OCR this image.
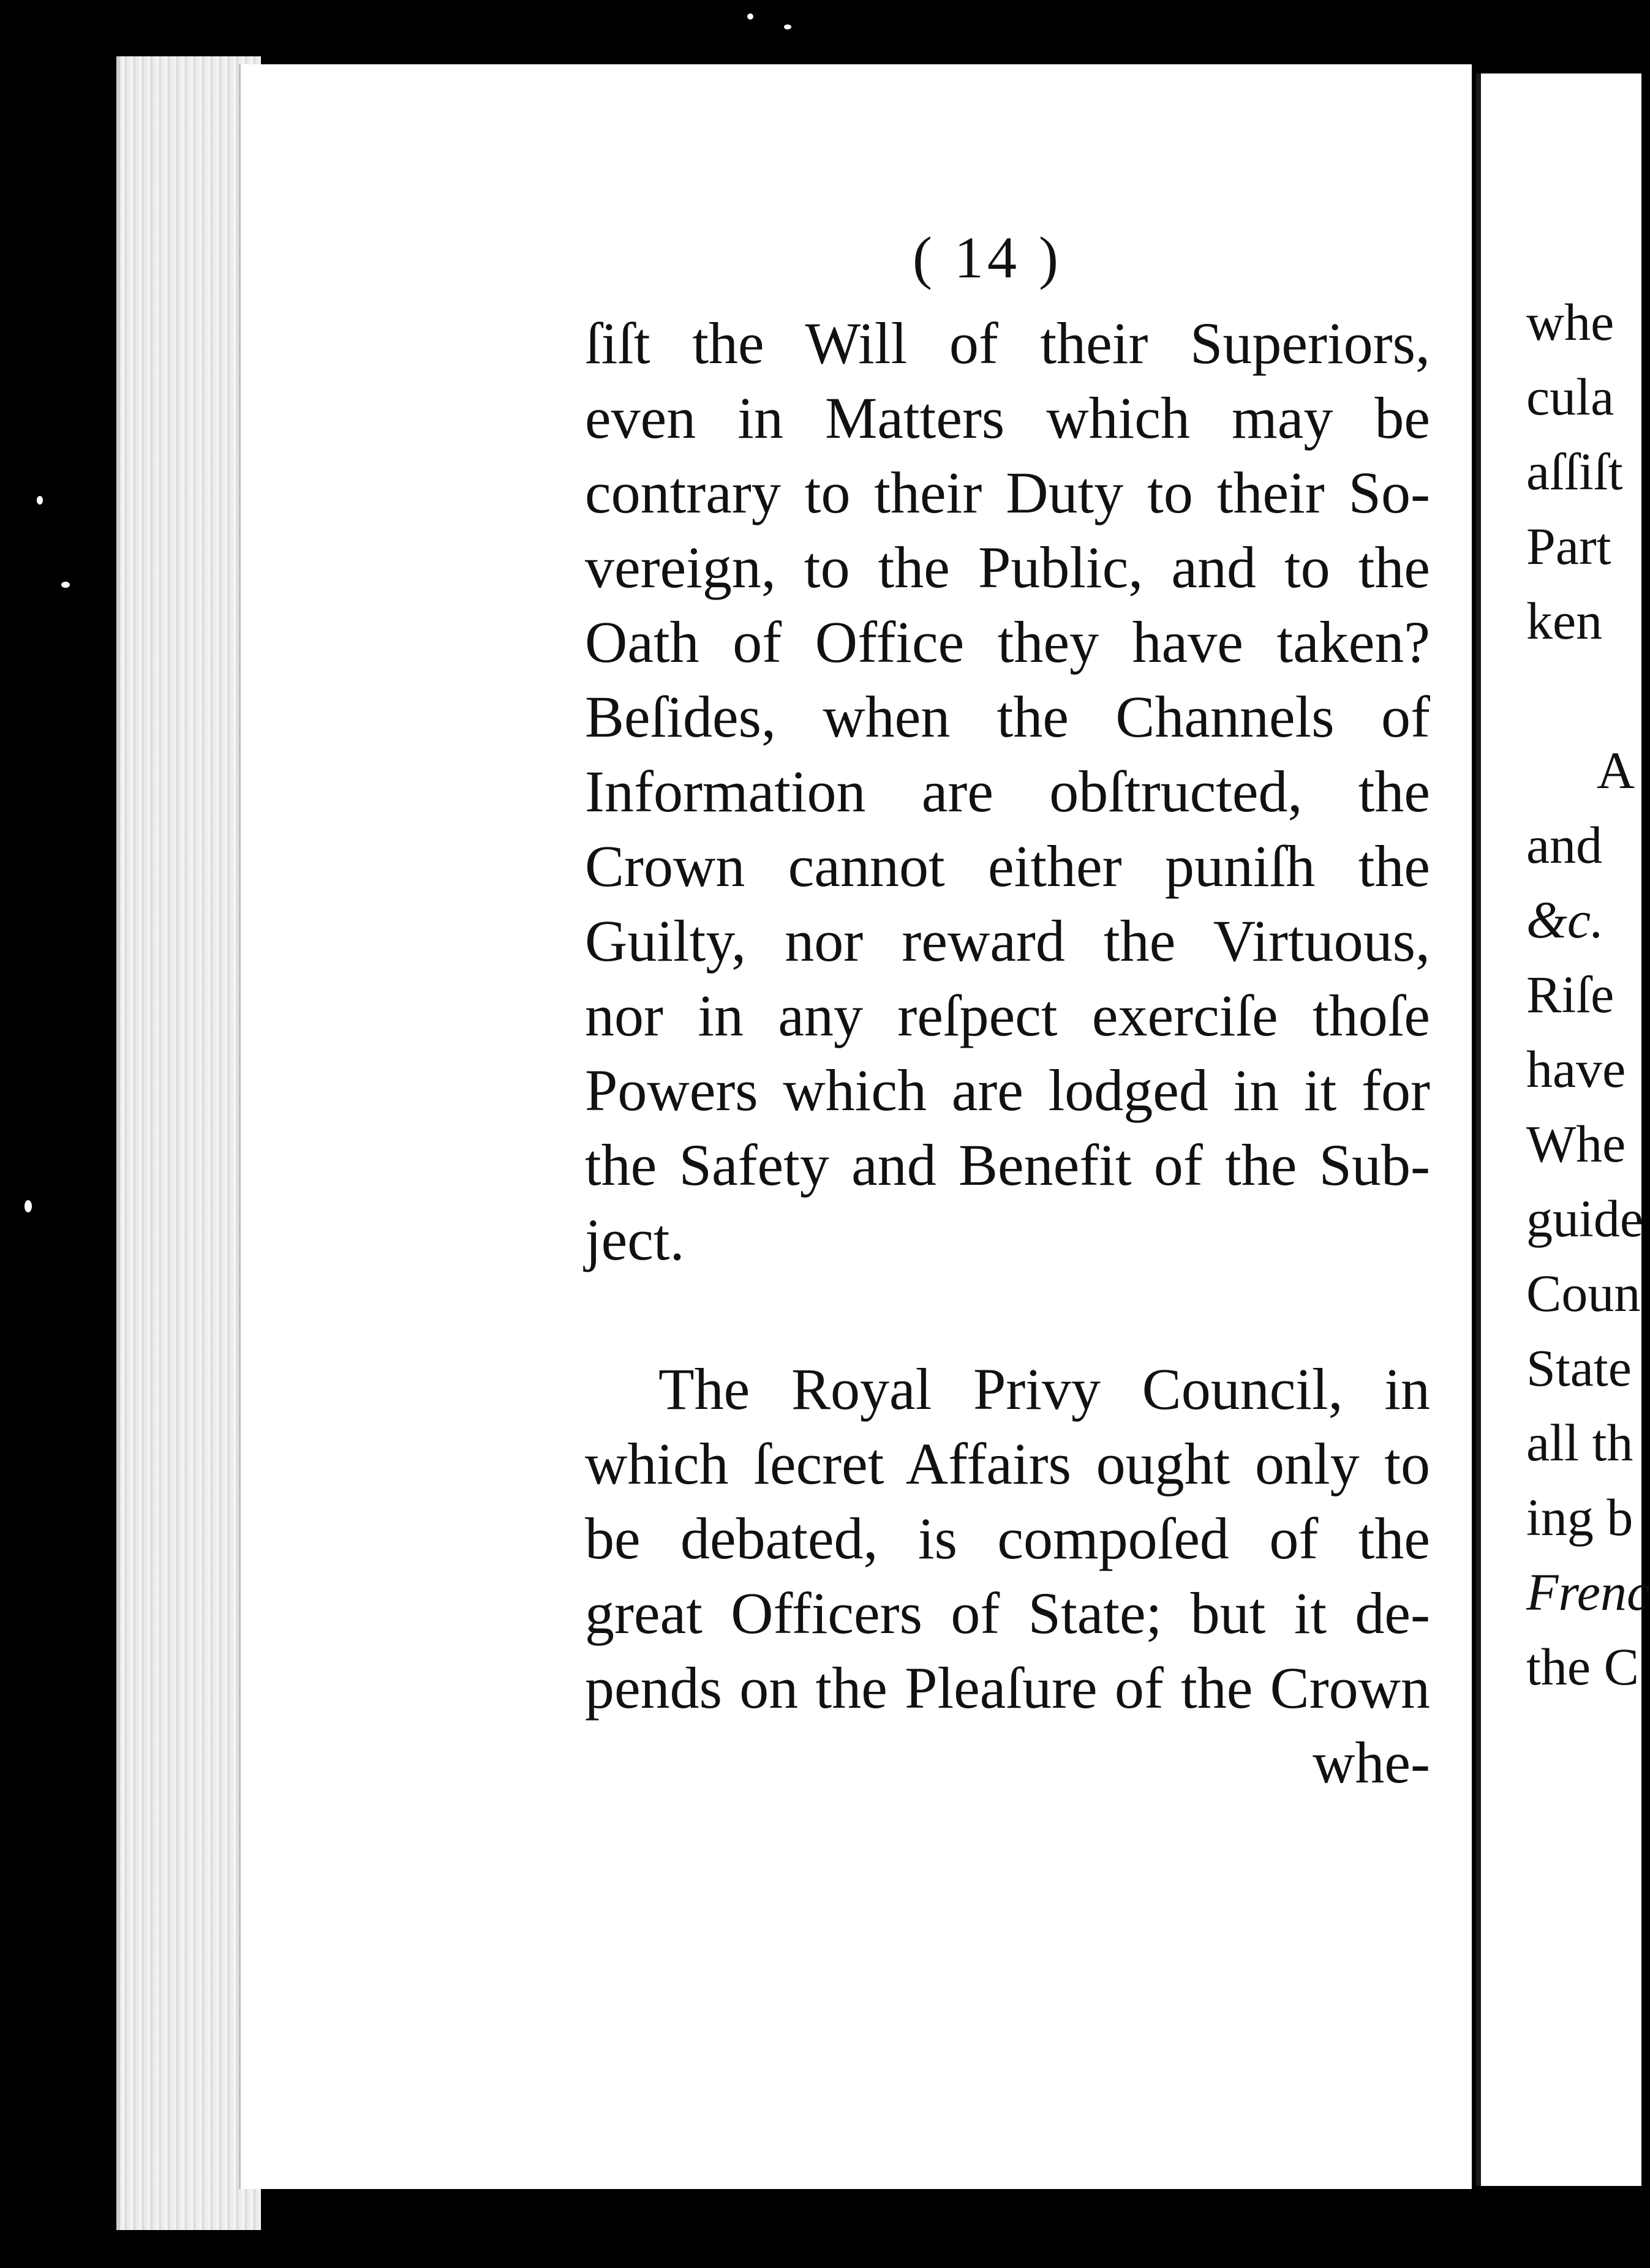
( 14 )
ſiſt the Will of their Superiors,
even in Matters which may be
contrary to their Duty to their So-
vereign, to the Public, and to the
Oath of Office they have taken?
Beſides, when the Channels of
Information are obſtructed, the
Crown cannot either puniſh the
Guilty, nor reward the Virtuous,
nor in any reſpect exerciſe thoſe
Powers which are lodged in it for
the Safety and Benefit of the Sub-
ject.
The Royal Privy Council, in
which ſecret Affairs ought only to
be debated, is compoſed of the
great Officers of State; but it de-
pends on the Pleaſure of the Crown
whe-
whe
cula
aſſiſt
Part
ken
A
and
&c.
Riſe
have
Whe
guide
Coun
State
all th
ing b
Frenc
the C
